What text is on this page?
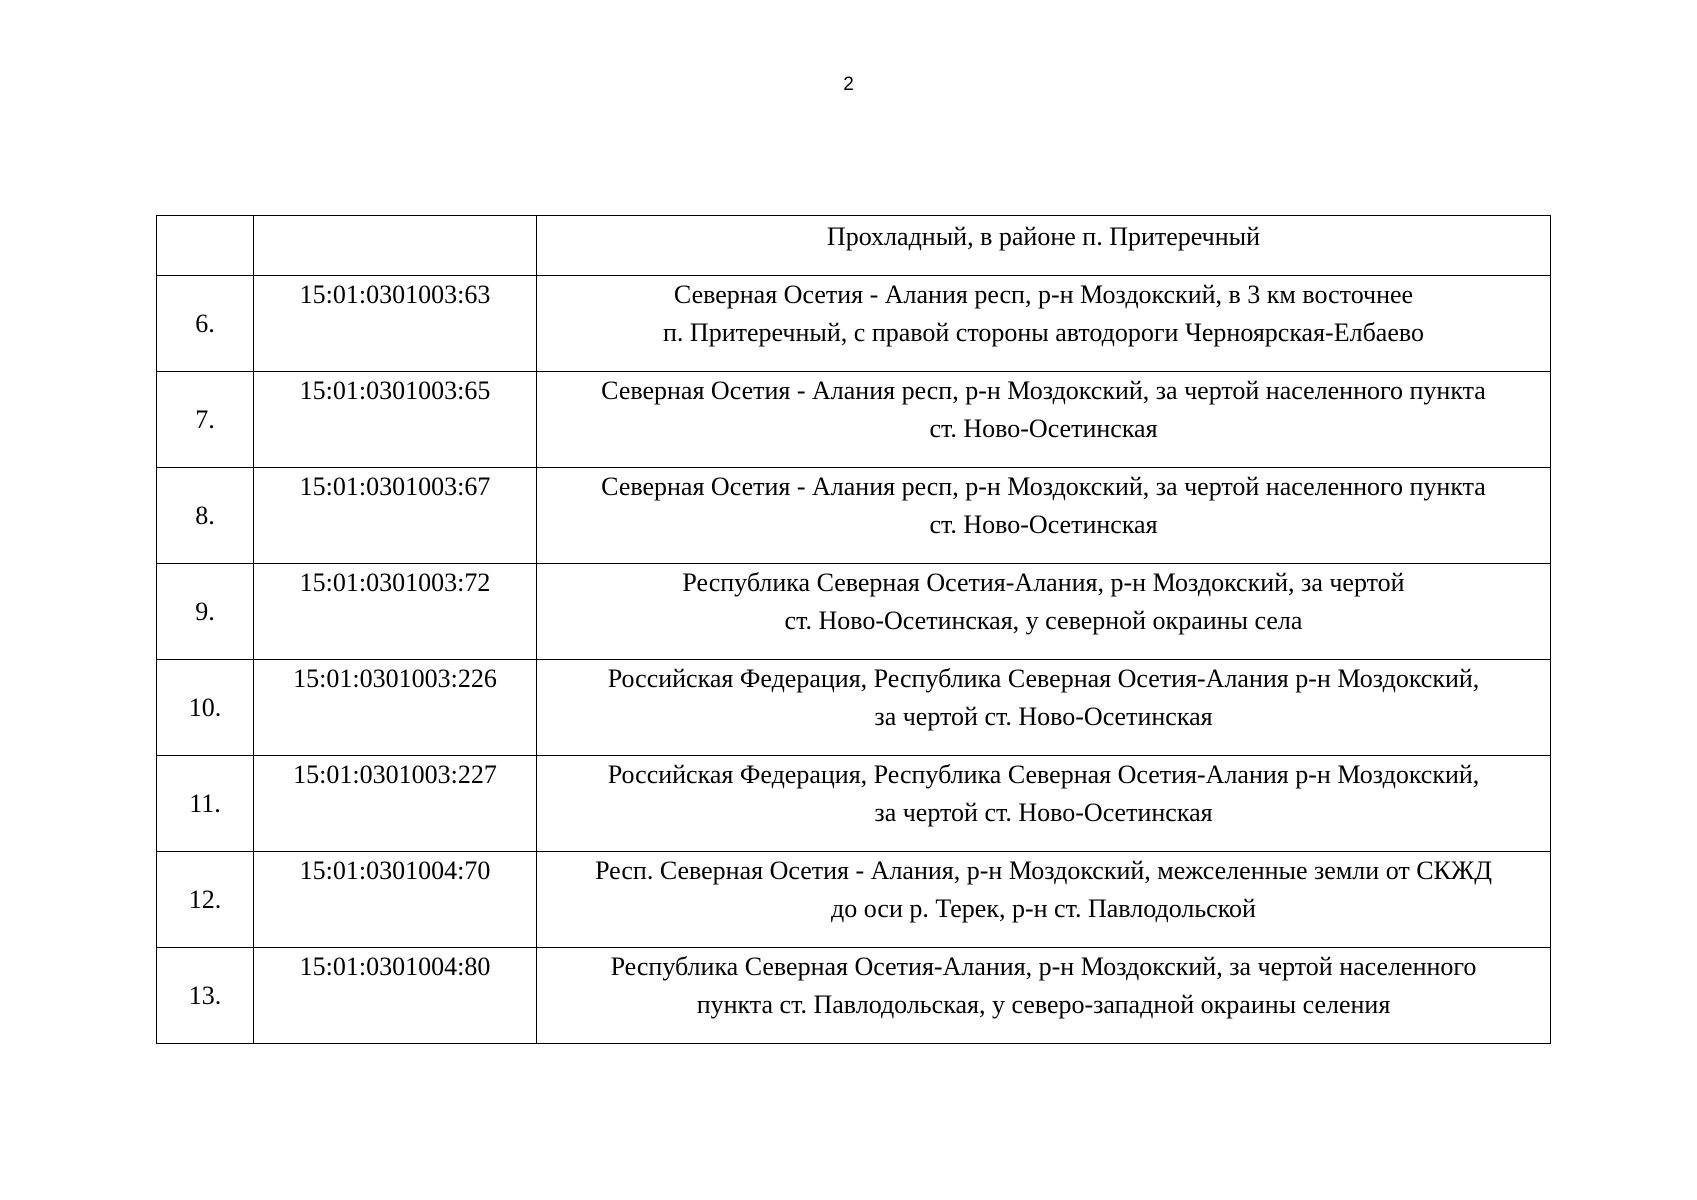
2

		Прохладный, в районе п. Притеречный

6.	15:01:0301003:63	Северная Осетия - Алания респ, р-н Моздокский, в 3 км восточнее
п. Притеречный, с правой стороны автодороги Черноярская-Елбаево

7.	15:01:0301003:65	Северная Осетия - Алания респ, р-н Моздокский, за чертой населенного пункта
ст. Ново-Осетинская

8.	15:01:0301003:67	Северная Осетия - Алания респ, р-н Моздокский, за чертой населенного пункта
ст. Ново-Осетинская

9.	15:01:0301003:72	Республика Северная Осетия-Алания, р-н Моздокский, за чертой
ст. Ново-Осетинская, у северной окраины села

10.	15:01:0301003:226	Российская Федерация, Республика Северная Осетия-Алания р-н Моздокский,
за чертой ст. Ново-Осетинская

11.	15:01:0301003:227	Российская Федерация, Республика Северная Осетия-Алания р-н Моздокский,
за чертой ст. Ново-Осетинская

12.	15:01:0301004:70	Респ. Северная Осетия - Алания, р-н Моздокский, межселенные земли от СКЖД
до оси р. Терек, р-н ст. Павлодольской

13.	15:01:0301004:80	Республика Северная Осетия-Алания, р-н Моздокский, за чертой населенного
пункта ст. Павлодольская, у северо-западной окраины селения
